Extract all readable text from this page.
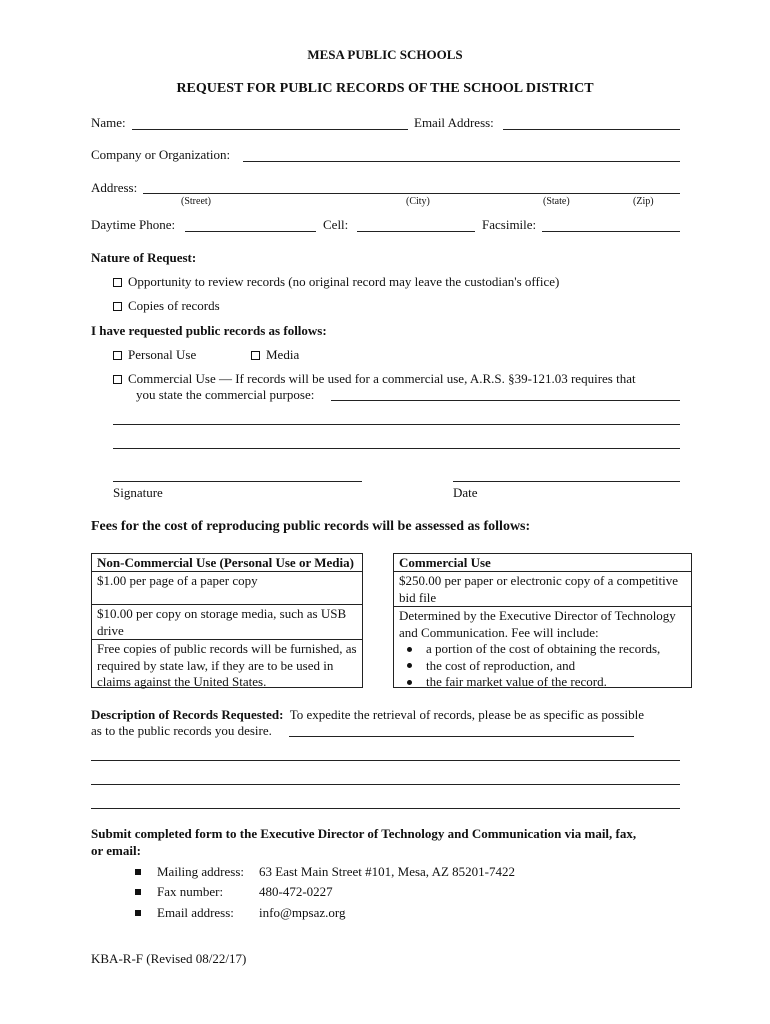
MESA PUBLIC SCHOOLS
REQUEST FOR PUBLIC RECORDS OF THE SCHOOL DISTRICT
Name:	Email Address:
Company or Organization:
Address:
(Street)	(City)	(State)	(Zip)
Daytime Phone:	Cell:	Facsimile:
Nature of Request:
Opportunity to review records (no original record may leave the custodian's office)
Copies of records
I have requested public records as follows:
Personal Use	Media
Commercial Use — If records will be used for a commercial use, A.R.S. §39-121.03 requires that
you state the commercial purpose:
Signature	Date
Fees for the cost of reproducing public records will be assessed as follows:
Non-Commercial Use (Personal Use or Media)
$1.00 per page of a paper copy
$10.00 per copy on storage media, such as USB drive
Free copies of public records will be furnished, as required by state law, if they are to be used in claims against the United States.
Commercial Use
$250.00 per paper or electronic copy of a competitive bid file
Determined by the Executive Director of Technology and Communication. Fee will include:
a portion of the cost of obtaining the records,
the cost of reproduction, and
the fair market value of the record.
Description of Records Requested: To expedite the retrieval of records, please be as specific as possible
as to the public records you desire.
Submit completed form to the Executive Director of Technology and Communication via mail, fax,
or email:
Mailing address: 63 East Main Street #101, Mesa, AZ 85201-7422
Fax number:	480-472-0227
Email address: info@mpsaz.org
KBA-R-F (Revised 08/22/17)
